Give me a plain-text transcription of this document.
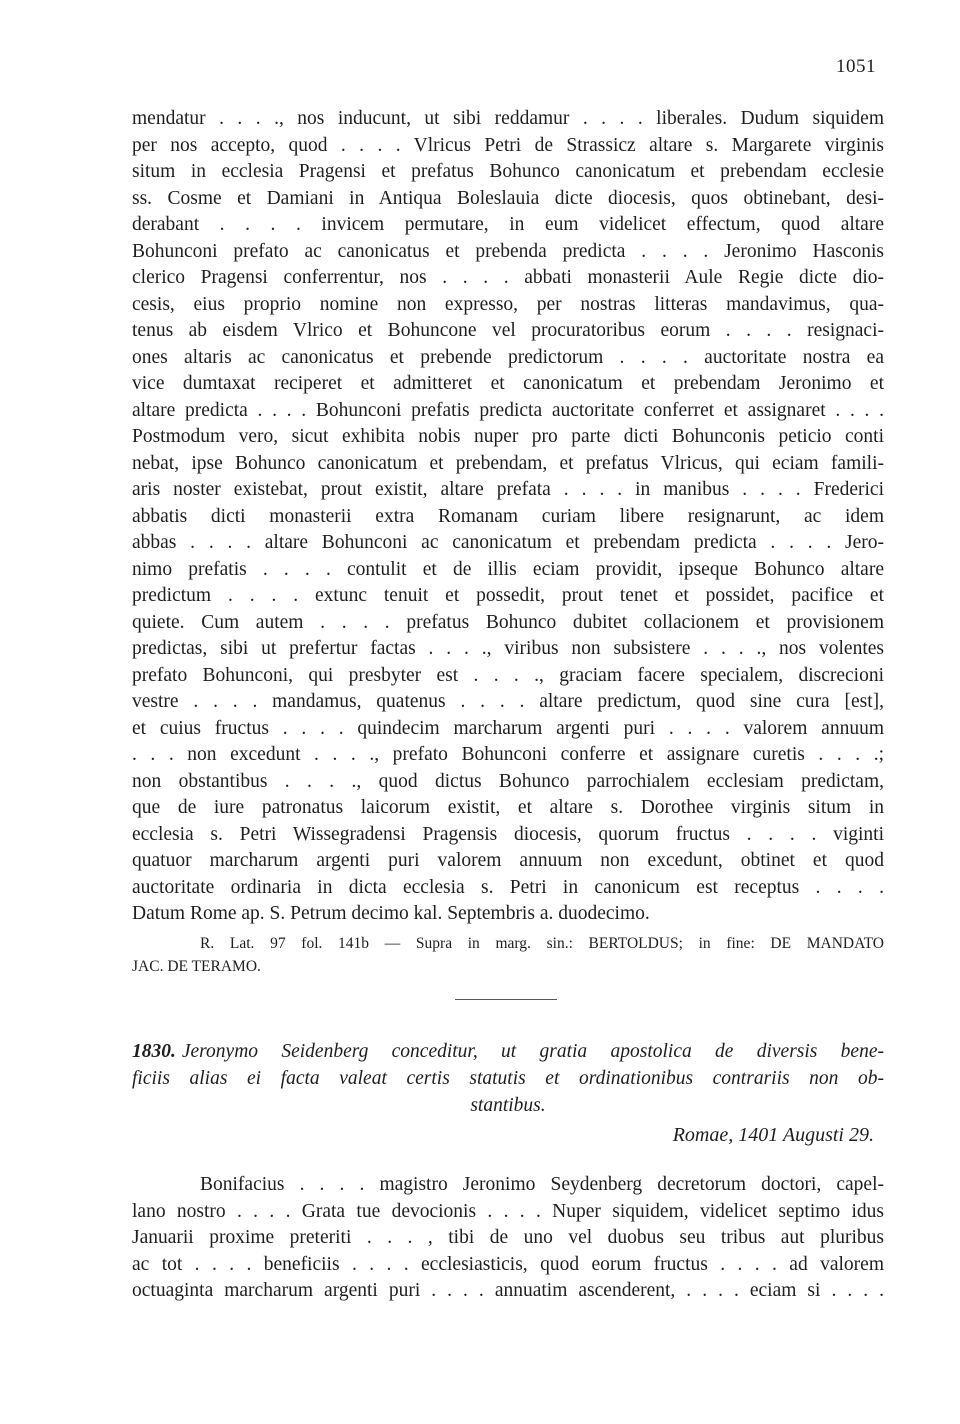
1051
mendatur . . . ., nos inducunt, ut sibi reddamur . . . . liberales. Dudum siquidem
per nos accepto, quod . . . . Vlricus Petri de Strassicz altare s. Margarete virginis
situm in ecclesia Pragensi et prefatus Bohunco canonicatum et prebendam ecclesie
ss. Cosme et Damiani in Antiqua Boleslauia dicte diocesis, quos obtinebant, desi-
derabant . . . . invicem permutare, in eum videlicet effectum, quod altare
Bohunconi prefato ac canonicatus et prebenda predicta . . . . Jeronimo Hasconis
clerico Pragensi conferrentur, nos . . . . abbati monasterii Aule Regie dicte dio-
cesis, eius proprio nomine non expresso, per nostras litteras mandavimus, qua-
tenus ab eisdem Vlrico et Bohuncone vel procuratoribus eorum . . . . resignaci-
ones altaris ac canonicatus et prebende predictorum . . . . auctoritate nostra ea
vice dumtaxat reciperet et admitteret et canonicatum et prebendam Jeronimo et
altare predicta . . . . Bohunconi prefatis predicta auctoritate conferret et assignaret . . . .
Postmodum vero, sicut exhibita nobis nuper pro parte dicti Bohunconis peticio conti
nebat, ipse Bohunco canonicatum et prebendam, et prefatus Vlricus, qui eciam famili-
aris noster existebat, prout existit, altare prefata . . . . in manibus . . . . Frederici
abbatis dicti monasterii extra Romanam curiam libere resignarunt, ac idem
abbas . . . . altare Bohunconi ac canonicatum et prebendam predicta . . . . Jero-
nimo prefatis . . . . contulit et de illis eciam providit, ipseque Bohunco altare
predictum . . . . extunc tenuit et possedit, prout tenet et possidet, pacifice et
quiete. Cum autem . . . . prefatus Bohunco dubitet collacionem et provisionem
predictas, sibi ut prefertur factas . . . ., viribus non subsistere . . . ., nos volentes
prefato Bohunconi, qui presbyter est . . . ., graciam facere specialem, discrecioni
vestre . . . . mandamus, quatenus . . . . altare predictum, quod sine cura [est],
et cuius fructus . . . . quindecim marcharum argenti puri . . . . valorem annuum
. . . non excedunt . . . ., prefato Bohunconi conferre et assignare curetis . . . .;
non obstantibus . . . ., quod dictus Bohunco parrochialem ecclesiam predictam,
que de iure patronatus laicorum existit, et altare s. Dorothee virginis situm in
ecclesia s. Petri Wissegradensi Pragensis diocesis, quorum fructus . . . . viginti
quatuor marcharum argenti puri valorem annuum non excedunt, obtinet et quod
auctoritate ordinaria in dicta ecclesia s. Petri in canonicum est receptus . . . .
Datum Rome ap. S. Petrum decimo kal. Septembris a. duodecimo.
R. Lat. 97 fol. 141b — Supra in marg. sin.: BERTOLDUS; in fine: DE MANDATO
JAC. DE TERAMO.
1830. Jeronymo Seidenberg conceditur, ut gratia apostolica de diversis bene-
ficiis alias ei facta valeat certis statutis et ordinationibus contrariis non ob-
stantibus.
Romae, 1401 Augusti 29.
Bonifacius . . . . magistro Jeronimo Seydenberg decretorum doctori, capel-
lano nostro . . . . Grata tue devocionis . . . . Nuper siquidem, videlicet septimo idus
Januarii proxime preteriti . . . , tibi de uno vel duobus seu tribus aut pluribus
ac tot . . . . beneficiis . . . . ecclesiasticis, quod eorum fructus . . . . ad valorem
octuaginta marcharum argenti puri . . . . annuatim ascenderent, . . . . eciam si . . . .
